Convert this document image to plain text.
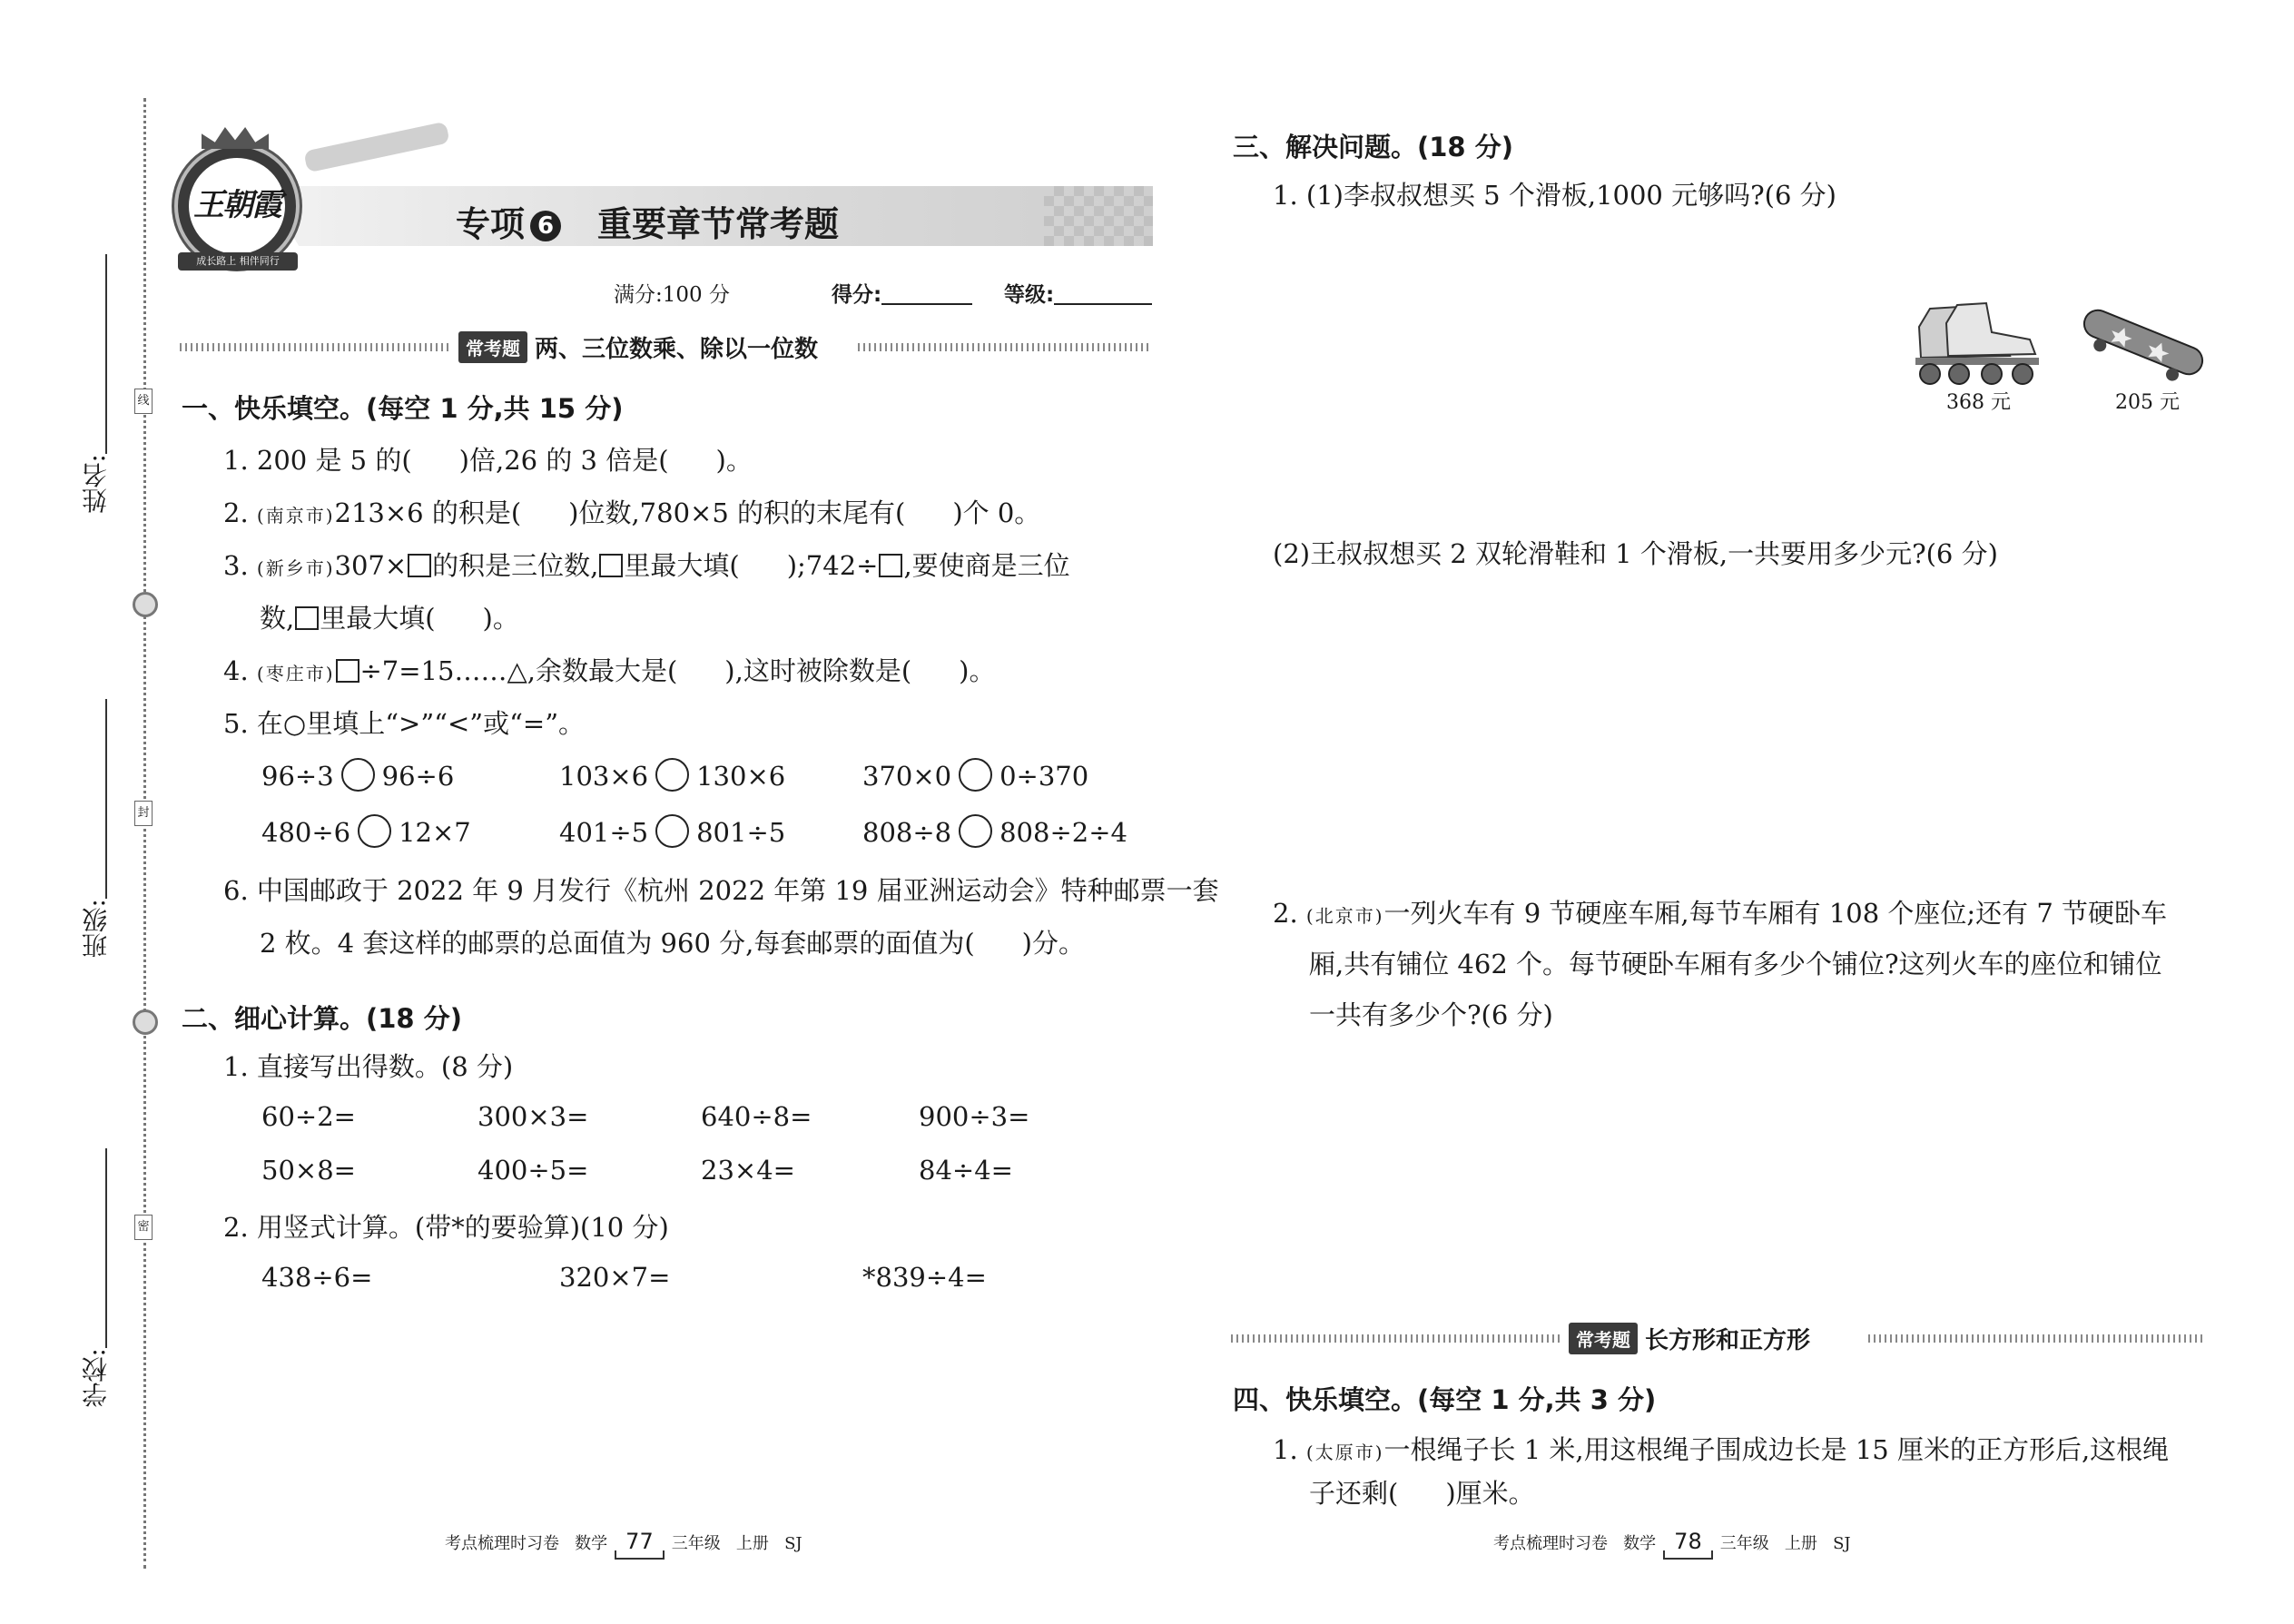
线
封
密
姓名:
班级:
学校:
王朝霞
成长路上 相伴同行
专项 6 重要章节常考题
满分:100 分	得分:	等级:
常考题 两、三位数乘、除以一位数
一、快乐填空。(每空 1 分,共 15 分)
1. 200 是 5 的( )倍,26 的 3 倍是( )。
2. (南京市)213×6 的积是( )位数,780×5 的积的末尾有( )个 0。
3. (新乡市)307× 的积是三位数, 里最大填( );742÷ ,要使商是三位
数, 里最大填( )。
4. (枣庄市) ÷7=15……△,余数最大是( ),这时被除数是( )。
5. 在○里填上“>”“<”或“=”。
96÷3 96÷6	103×6 130×6	370×0 0÷370
480÷6 12×7	401÷5 801÷5	808÷8 808÷2÷4
6. 中国邮政于 2022 年 9 月发行《杭州 2022 年第 19 届亚洲运动会》特种邮票一套
2 枚。4 套这样的邮票的总面值为 960 分,每套邮票的面值为( )分。
二、细心计算。(18 分)
1. 直接写出得数。(8 分)
60÷2=	300×3=	640÷8=	900÷3=
50×8=	400÷5=	23×4=	84÷4=
2. 用竖式计算。(带*的要验算)(10 分)
438÷6=	320×7=	*839÷4=
考点梳理时习卷 数学 77 三年级 上册 SJ
三、解决问题。(18 分)
1. (1)李叔叔想买 5 个滑板,1000 元够吗?(6 分)
368 元	205 元
(2)王叔叔想买 2 双轮滑鞋和 1 个滑板,一共要用多少元?(6 分)
2. (北京市)一列火车有 9 节硬座车厢,每节车厢有 108 个座位;还有 7 节硬卧车
厢,共有铺位 462 个。每节硬卧车厢有多少个铺位?这列火车的座位和铺位
一共有多少个?(6 分)
常考题 长方形和正方形
四、快乐填空。(每空 1 分,共 3 分)
1. (太原市)一根绳子长 1 米,用这根绳子围成边长是 15 厘米的正方形后,这根绳
子还剩( )厘米。
考点梳理时习卷 数学 78 三年级 上册 SJ
